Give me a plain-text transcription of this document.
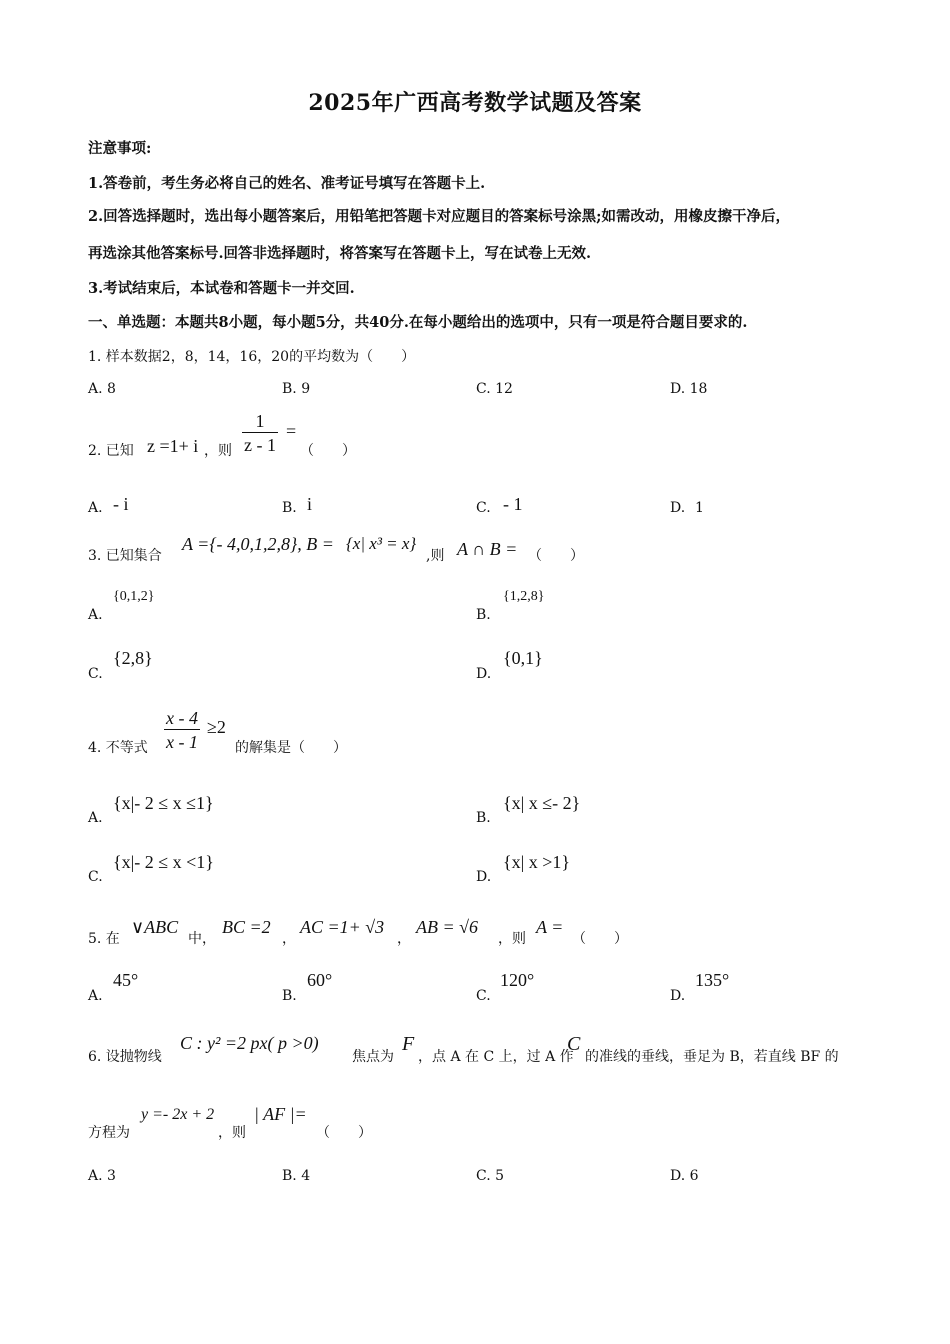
2025年广西高考数学试题及答案
注意事项:
1.答卷前，考生务必将自己的姓名、准考证号填写在答题卡上.
2.回答选择题时，选出每小题答案后，用铅笔把答题卡对应题目的答案标号涂黑;如需改动，用橡皮擦干净后，
再选涂其他答案标号.回答非选择题时，将答案写在答题卡上，写在试卷上无效.
3.考试结束后，本试卷和答题卡一并交回.
一、单选题：本题共8小题，每小题5分，共40分.在每小题给出的选项中，只有一项是符合题目要求的.
1. 样本数据2，8，14，16，20的平均数为（　　）
A. 8	B. 9	C. 12	D. 18
2. 已知 z =1+ i ，则 $\frac{1}{z - 1}$ =
（　　）
A. - i	B. i	C. - 1	D. 1
3. 已知集合
A ={- 4,0,1,2,8}, B = {x| x³ = x}
,则 A ∩ B = （　　）
A.
{0,1,2}
B.
{1,2,8}
C.
{2,8}
D.
{0,1}
4. 不等式 $\frac{x - 4}{x - 1} \ge 2$
的解集是（　　）
A.
{x|- 2 ≤ x ≤1}
B.
{x| x ≤- 2}
C.
{x|- 2 ≤ x <1}
D.
{x| x >1}
5. 在
∨ABC
中，
BC =2
，
AC =1+ √3
，
AB = √6
，则
A =
（　　）
A.
45°
B.
60°
C.
120°
D.
135°
6. 设抛物线
C : y² =2 px( p >0)
焦点为
F
，点 A 在 C 上，过 A 作
C
的准线的垂线，垂足为 B，若直线 BF 的
方程为
y =- 2x + 2
，则
| AF |=
（　　）
A. 3	B. 4	C. 5	D. 6
